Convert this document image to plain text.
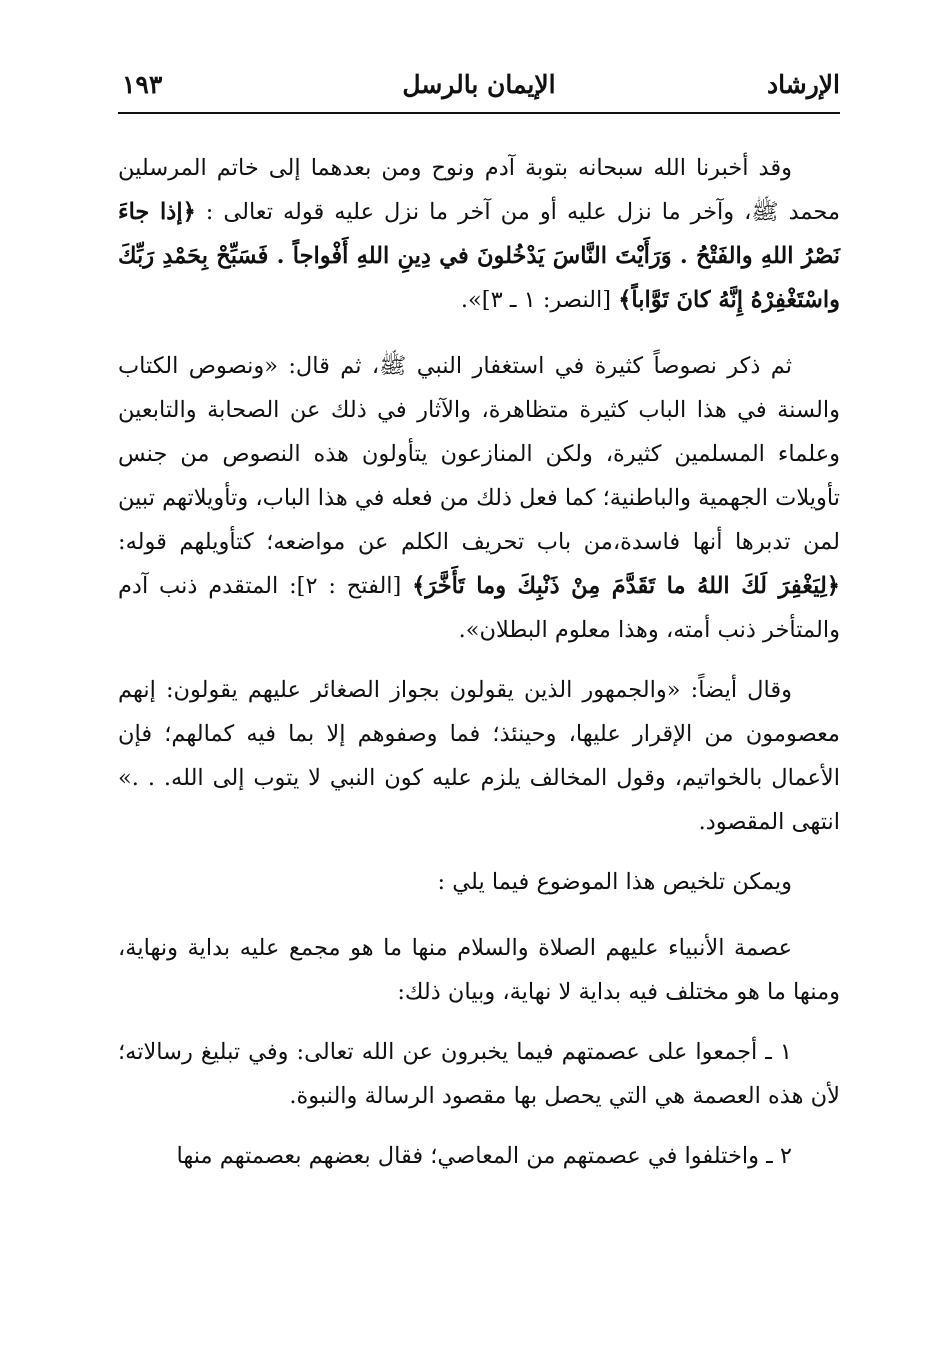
الإرشاد
الإيمان بالرسل
١٩٣

وقد أخبرنا الله سبحانه بتوبة آدم ونوح ومن بعدهما إلى خاتم المرسلين محمد ﷺ، وآخر ما نزل عليه أو من آخر ما نزل عليه قوله تعالى : ﴿إذا جاءَ نَصْرُ اللهِ والفَتْحُ . وَرَأَيْتَ النَّاسَ يَدْخُلونَ في دِينِ اللهِ أَفْواجاً . فَسَبِّحْ بِحَمْدِ رَبِّكَ واسْتَغْفِرْهُ إِنَّهُ كانَ تَوَّاباً﴾ [النصر: ١ ـ ٣]».

ثم ذكر نصوصاً كثيرة في استغفار النبي ﷺ، ثم قال: «ونصوص الكتاب والسنة في هذا الباب كثيرة متظاهرة، والآثار في ذلك عن الصحابة والتابعين وعلماء المسلمين كثيرة، ولكن المنازعون يتأولون هذه النصوص من جنس تأويلات الجهمية والباطنية؛ كما فعل ذلك من فعله في هذا الباب، وتأويلاتهم تبين لمن تدبرها أنها فاسدة،من باب تحريف الكلم عن مواضعه؛ كتأويلهم قوله: ﴿لِيَغْفِرَ لَكَ اللهُ ما تَقَدَّمَ مِنْ ذَنْبِكَ وما تَأَخَّرَ﴾ [الفتح : ٢]: المتقدم ذنب آدم والمتأخر ذنب أمته، وهذا معلوم البطلان».

وقال أيضاً: «والجمهور الذين يقولون بجواز الصغائر عليهم يقولون: إنهم معصومون من الإقرار عليها، وحينئذ؛ فما وصفوهم إلا بما فيه كمالهم؛ فإن الأعمال بالخواتيم، وقول المخالف يلزم عليه كون النبي لا يتوب إلى الله. . .» انتهى المقصود.

ويمكن تلخيص هذا الموضوع فيما يلي :

عصمة الأنبياء عليهم الصلاة والسلام منها ما هو مجمع عليه بداية ونهاية، ومنها ما هو مختلف فيه بداية لا نهاية، وبيان ذلك:

١ ـ أجمعوا على عصمتهم فيما يخبرون عن الله تعالى: وفي تبليغ رسالاته؛ لأن هذه العصمة هي التي يحصل بها مقصود الرسالة والنبوة.

٢ ـ واختلفوا في عصمتهم من المعاصي؛ فقال بعضهم بعصمتهم منها
